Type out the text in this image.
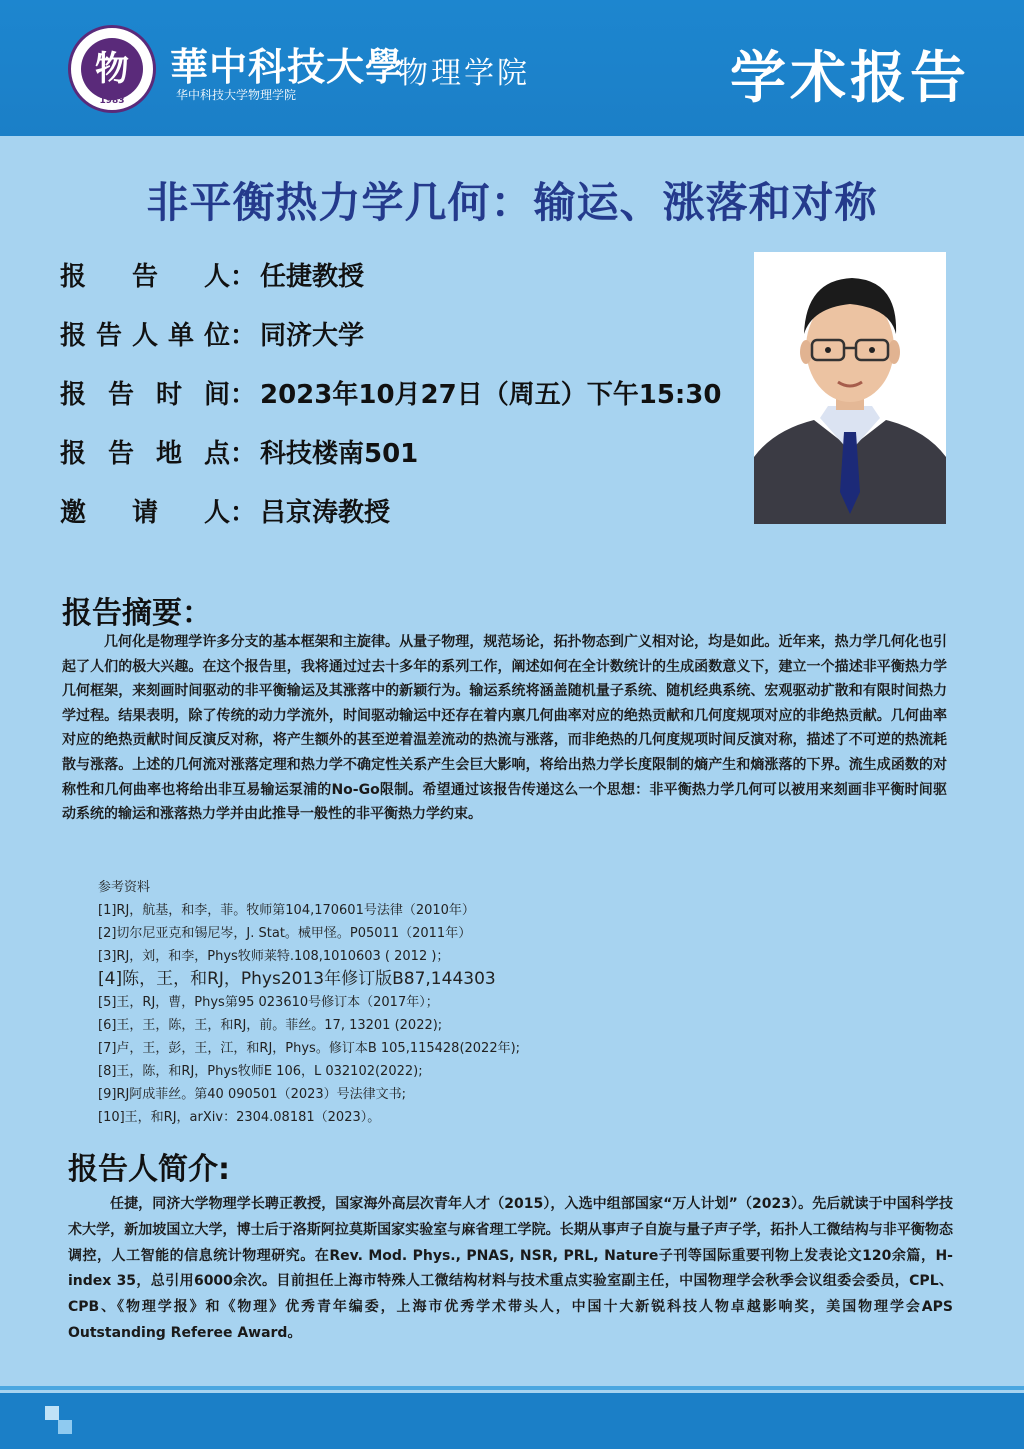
物
1983
華中科技大學
物理学院
华中科技大学物理学院	学术报告
非平衡热力学几何：输运、涨落和对称
报 告 人 ： 任捷教授
报 告 人 单 位 ： 同济大学
报 告 时 间 ： 2023年10月27日（周五）下午15:30
报 告 地 点 ： 科技楼南501
邀 请 人 ： 吕京涛教授
报告摘要：

几何化是物理学许多分支的基本框架和主旋律。从量子物理，规范场论，拓扑物态到广义相对论，均是如此。近年来，热力学几何化也引起了人们的极大兴趣。在这个报告里，我将通过过去十多年的系列工作，阐述如何在全计数统计的生成函数意义下，建立一个描述非平衡热力学几何框架，来刻画时间驱动的非平衡输运及其涨落中的新颖行为。输运系统将涵盖随机量子系统、随机经典系统、宏观驱动扩散和有限时间热力学过程。结果表明，除了传统的动力学流外，时间驱动输运中还存在着内禀几何曲率对应的绝热贡献和几何度规项对应的非绝热贡献。几何曲率对应的绝热贡献时间反演反对称，将产生额外的甚至逆着温差流动的热流与涨落，而非绝热的几何度规项时间反演对称，描述了不可逆的热流耗散与涨落。上述的几何流对涨落定理和热力学不确定性关系产生会巨大影响，将给出热力学长度限制的熵产生和熵涨落的下界。流生成函数的对称性和几何曲率也将给出非互易输运泵浦的No-Go限制。希望通过该报告传递这么一个思想：非平衡热力学几何可以被用来刻画非平衡时间驱动系统的输运和涨落热力学并由此推导一般性的非平衡热力学约束。

参考资料
[1]RJ，航基，和李，菲。牧师第104,170601号法律（2010年）
[2]切尔尼亚克和锡尼岑，J. Stat。械甲怪。P05011（2011年）
[3]RJ，刘，和李，Phys牧师莱特.108,1010603 ( 2012 )；
[4]陈，王，和RJ，Phys2013年修订版B87,144303
[5]王，RJ，曹，Phys第95 023610号修订本（2017年）；
[6]王，王，陈，王，和RJ，前。菲丝。17, 13201 (2022);
[7]卢，王，彭，王，江，和RJ，Phys。修订本B 105,115428(2022年);
[8]王，陈，和RJ，Phys牧师E 106，L 032102(2022);
[9]RJ阿成菲丝。第40 090501（2023）号法律文书;
[10]王，和RJ，arXiv：2304.08181（2023）。
报告人简介:

任捷，同济大学物理学长聘正教授，国家海外高层次青年人才（2015），入选中组部国家“万人计划”（2023）。先后就读于中国科学技术大学，新加坡国立大学，博士后于洛斯阿拉莫斯国家实验室与麻省理工学院。长期从事声子自旋与量子声子学，拓扑人工微结构与非平衡物态调控，人工智能的信息统计物理研究。在Rev. Mod. Phys., PNAS, NSR, PRL, Nature子刊等国际重要刊物上发表论文120余篇，H-index 35，总引用6000余次。目前担任上海市特殊人工微结构材料与技术重点实验室副主任，中国物理学会秋季会议组委会委员，CPL、CPB、《物理学报》和《物理》优秀青年编委，上海市优秀学术带头人，中国十大新锐科技人物卓越影响奖，美国物理学会APS Outstanding Referee Award。
